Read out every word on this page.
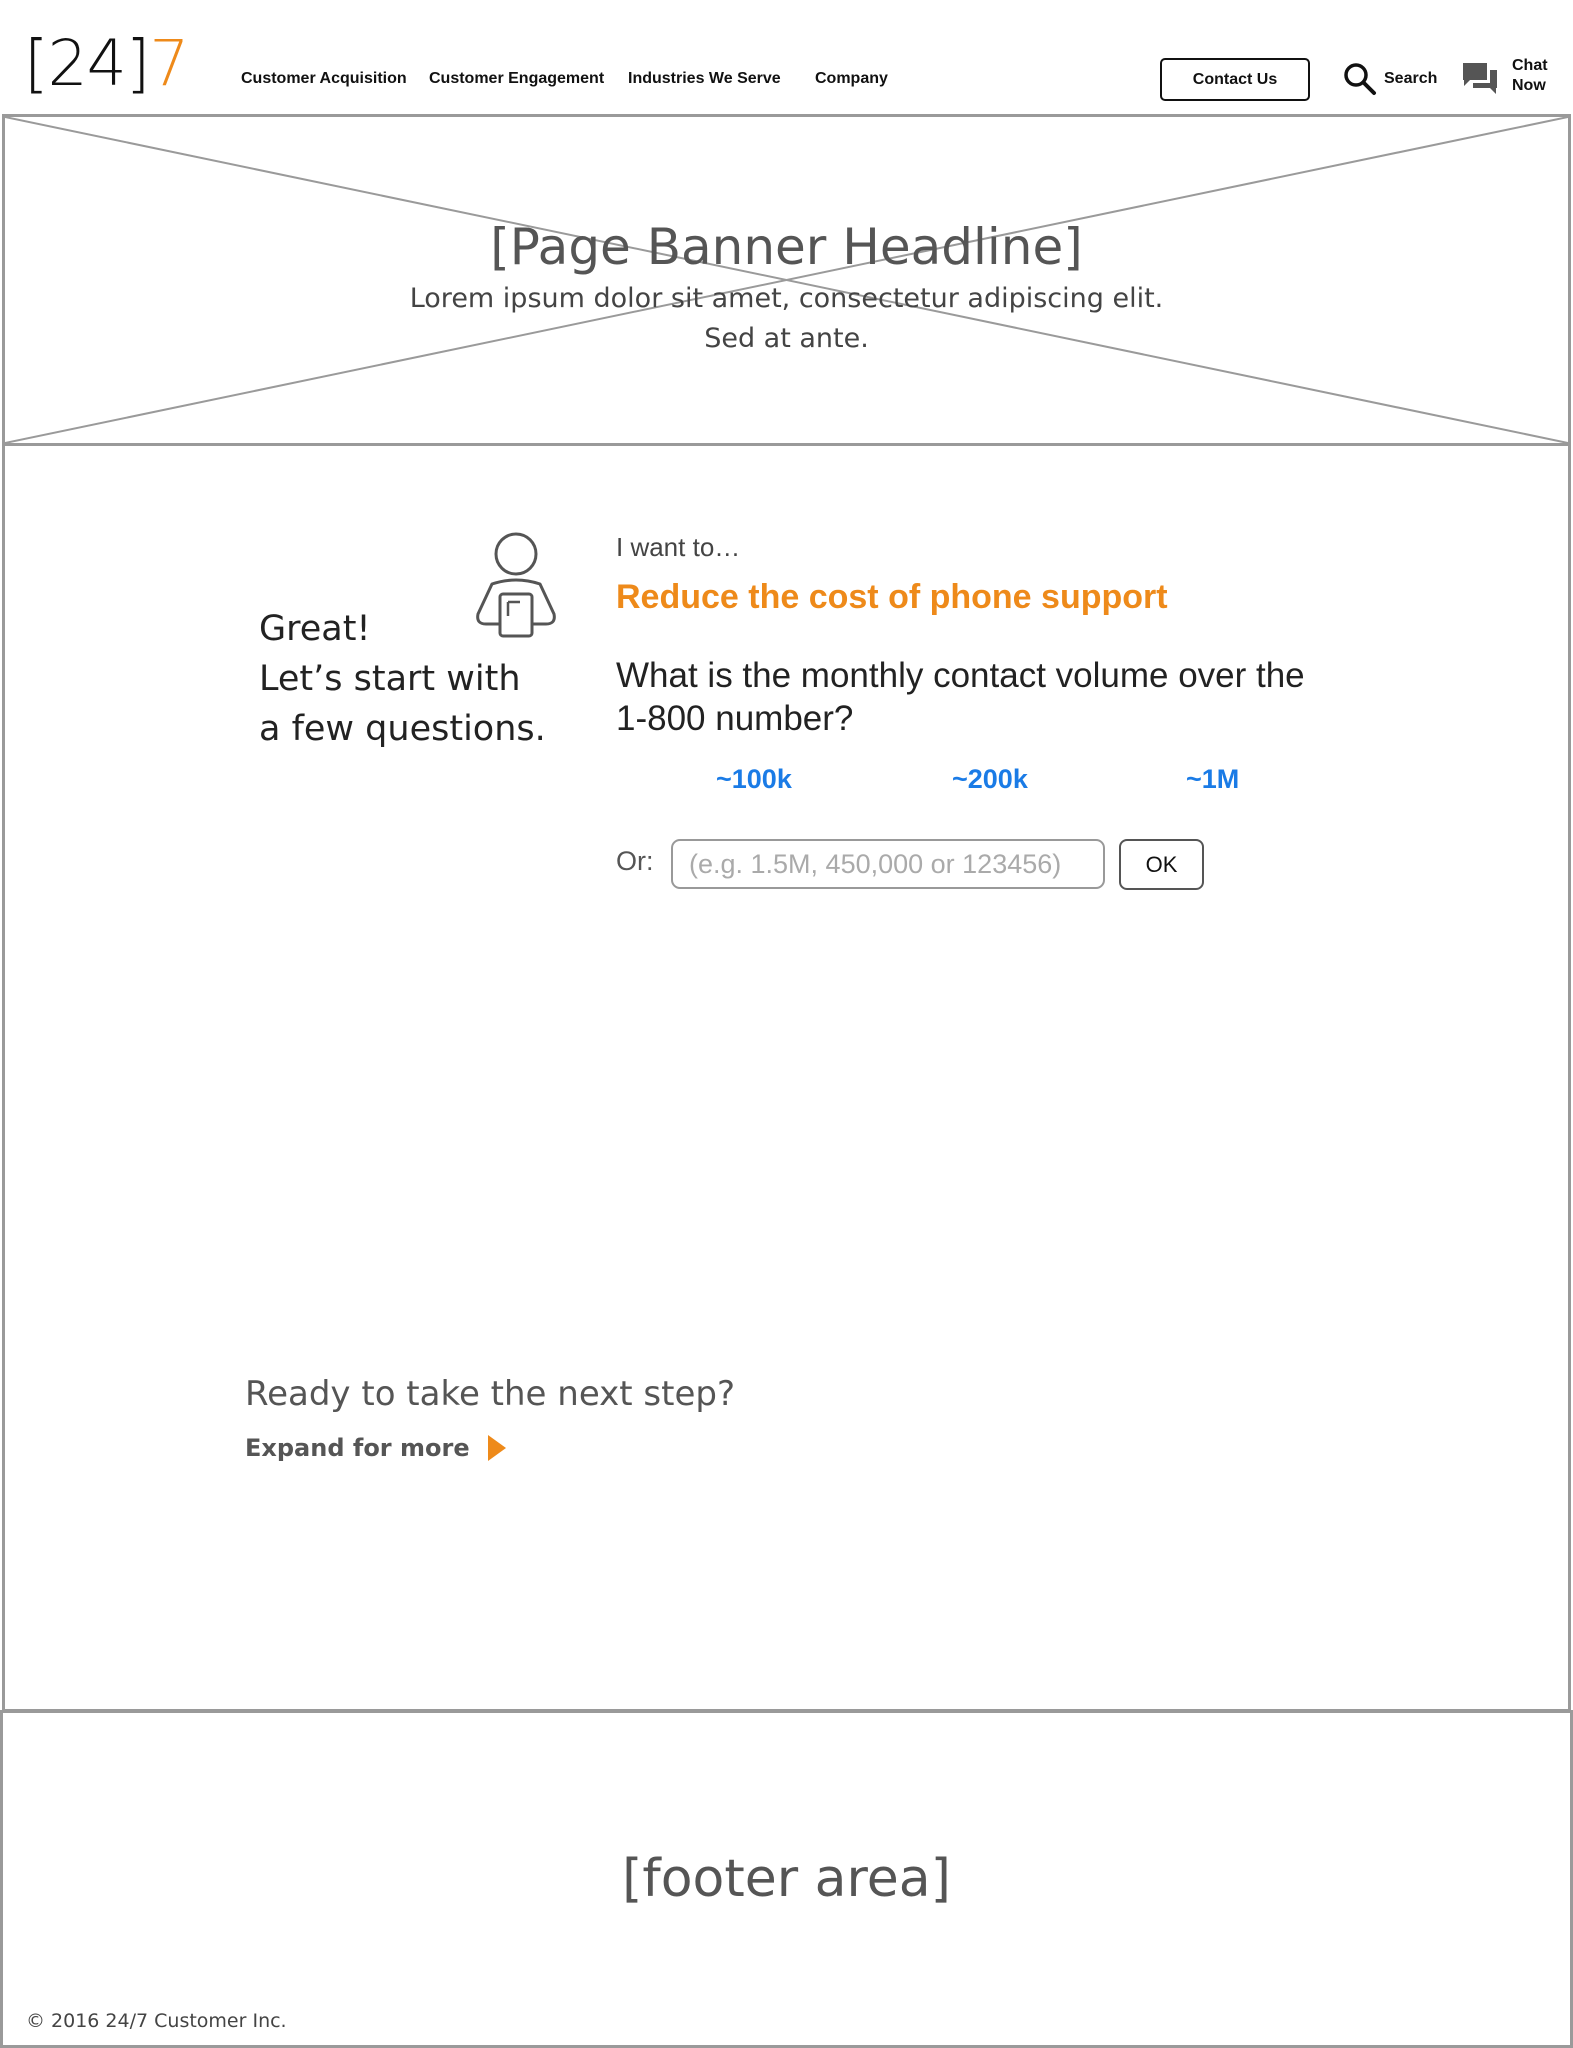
[24]7	Customer Acquisition Customer Engagement Industries We Serve Company	Contact Us	Search
Chat
Now
[Page Banner Headline]
Lorem ipsum dolor sit amet, consectetur adipiscing elit.
Sed at ante.
Great!
Let’s start with
a few questions.
I want to…
Reduce the cost of phone support
What is the monthly contact volume over the
1-800 number?
~100k	~200k	~1M
Or:
(e.g. 1.5M, 450,000 or 123456)	OK
Ready to take the next step?
Expand for more
[footer area]
© 2016 24/7 Customer Inc.
